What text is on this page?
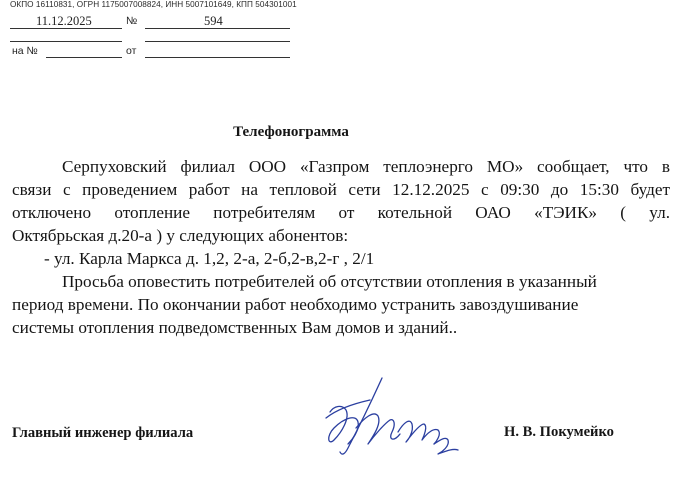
ОКПО 16110831, ОГРН 1175007008824, ИНН 5007101649, КПП 504301001
11.12.2025	№	594
на №	от
Телефонограмма
Серпуховский филиал ООО «Газпром теплоэнерго МО» сообщает, что в
связи с проведением работ на тепловой сети 12.12.2025 с 09:30 до 15:30 будет
отключено отопление потребителям от котельной ОАО «ТЭИК» ( ул.
Октябрьская д.20-а ) у следующих абонентов:
- ул. Карла Маркса д. 1,2, 2-а, 2-б,2-в,2-г , 2/1
Просьба оповестить потребителей об отсутствии отопления в указанный
период времени. По окончании работ необходимо устранить завоздушивание
системы отопления подведомственных Вам домов и зданий..
Главный инженер филиала	Н. В. Покумейко
